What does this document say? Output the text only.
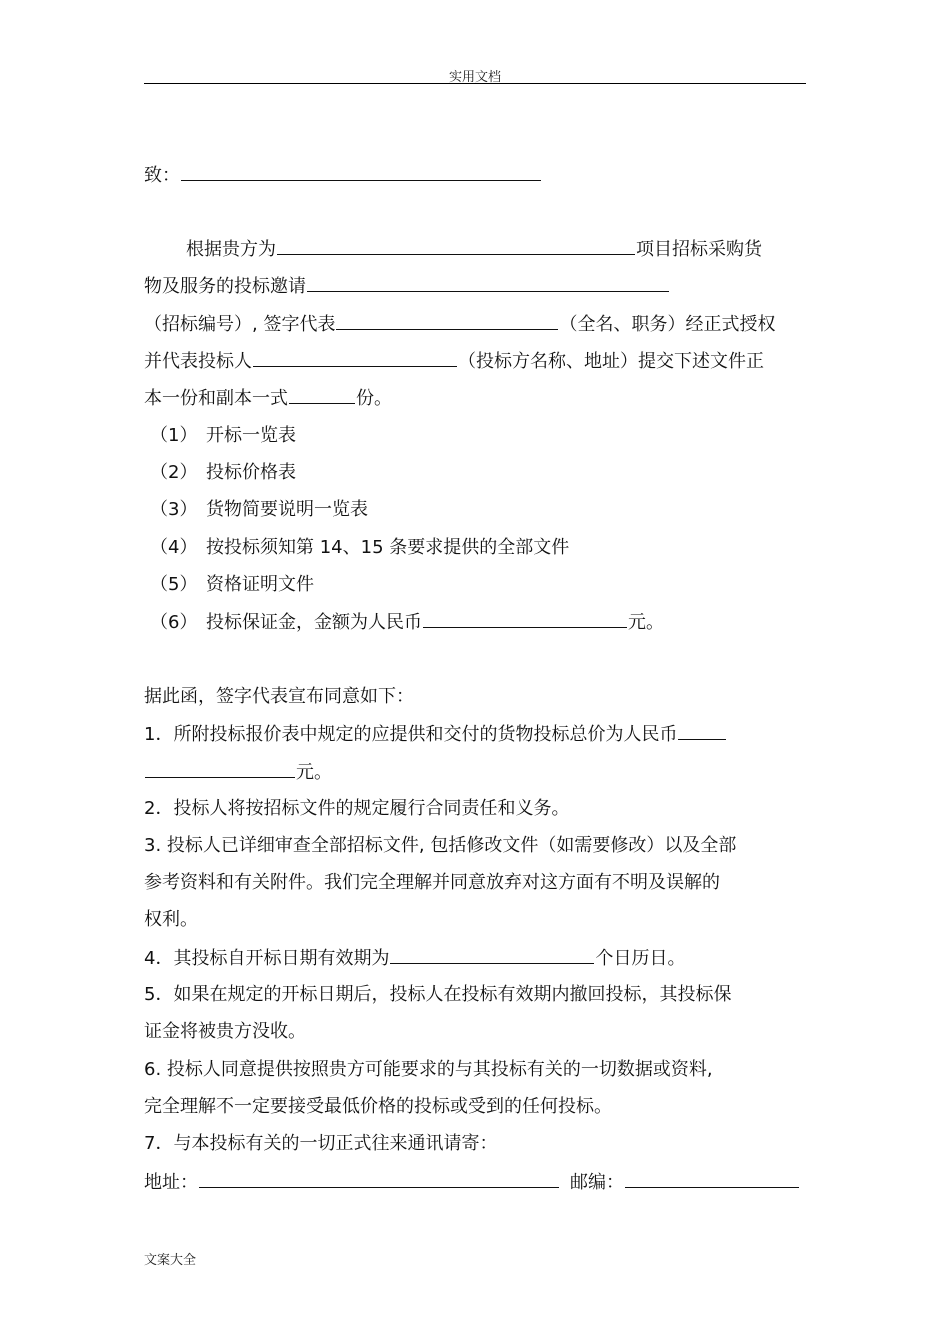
实用文档
致：
根据贵方为	项目招标采购货
物及服务的投标邀请
（招标编号）, 签字代表	（全名、职务）经正式授权
并代表投标人	（投标方名称、地址）提交下述文件正
本一份和副本一式	份。
（1） 开标一览表
（2） 投标价格表
（3） 货物简要说明一览表
（4） 按投标须知第 14、15 条要求提供的全部文件
（5） 资格证明文件
（6） 投标保证金，金额为人民币	元。
据此函，签字代表宣布同意如下：
1．所附投标报价表中规定的应提供和交付的货物投标总价为人民币
元。
2．投标人将按招标文件的规定履行合同责任和义务。
3. 投标人已详细审查全部招标文件, 包括修改文件（如需要修改）以及全部
参考资料和有关附件。我们完全理解并同意放弃对这方面有不明及误解的
权利。
4．其投标自开标日期有效期为	个日历日。
5．如果在规定的开标日期后，投标人在投标有效期内撤回投标，其投标保
证金将被贵方没收。
6. 投标人同意提供按照贵方可能要求的与其投标有关的一切数据或资料,
完全理解不一定要接受最低价格的投标或受到的任何投标。
7．与本投标有关的一切正式往来通讯请寄：
地址：	邮编：
文案大全
